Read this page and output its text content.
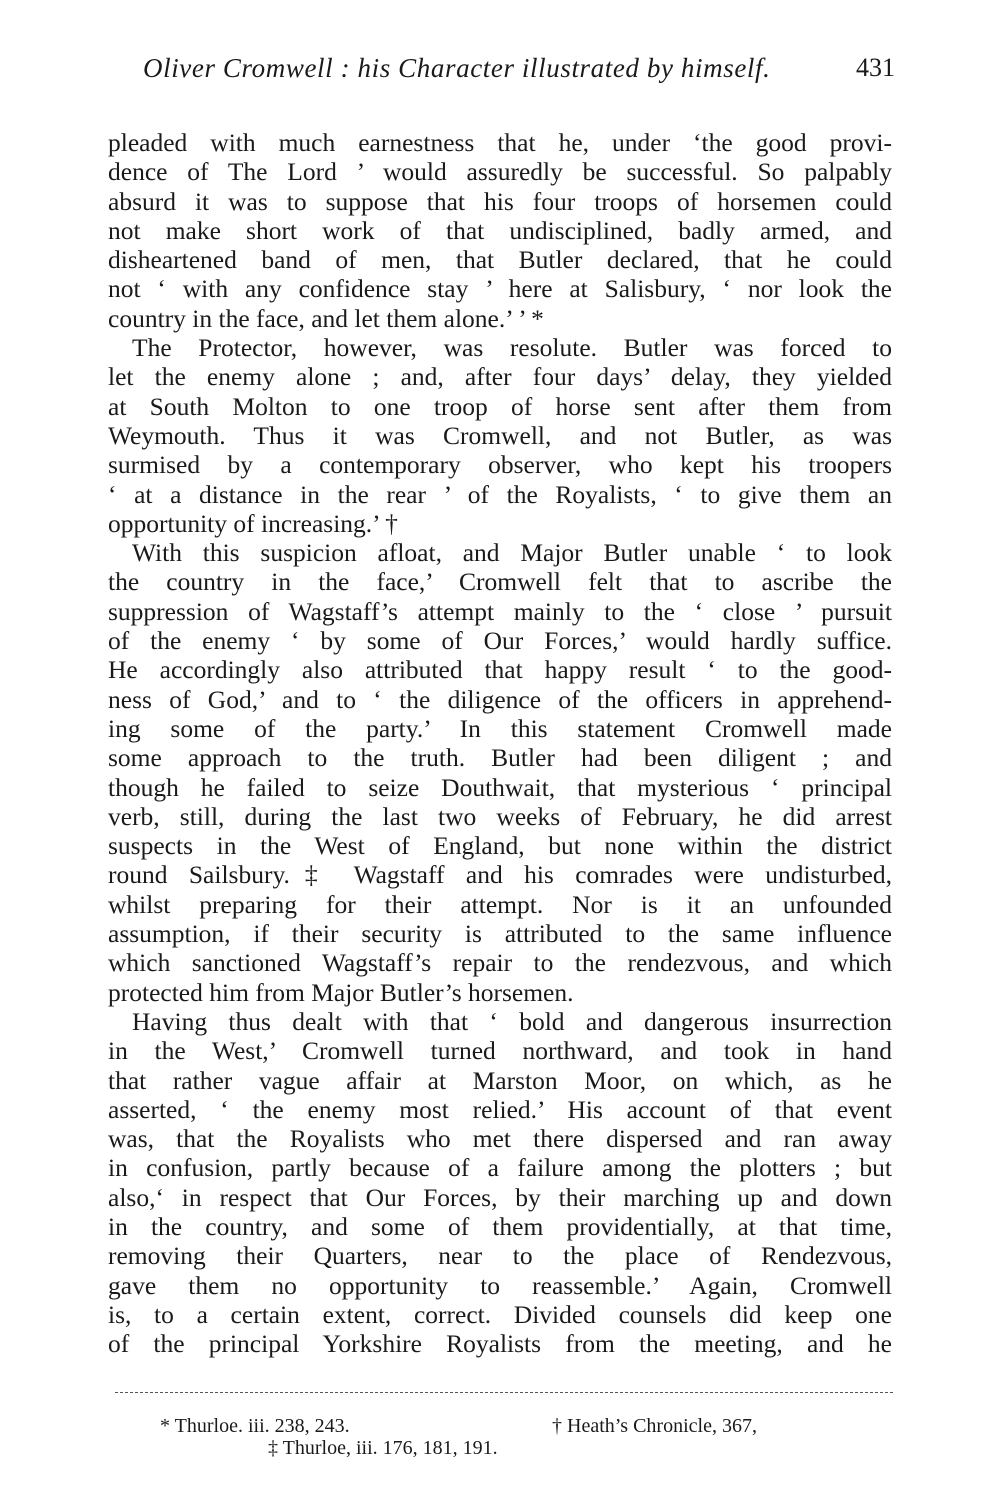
Oliver Cromwell : his Character illustrated by himself.	431
pleaded with much earnestness that he, under ‘the good provi-
dence of The Lord ’ would assuredly be successful. So palpably
absurd it was to suppose that his four troops of horsemen could
not make short work of that undisciplined, badly armed, and
disheartened band of men, that Butler declared, that he could
not ‘ with any confidence stay ’ here at Salisbury, ‘ nor look the
country in the face, and let them alone.’ ’ *
The Protector, however, was resolute. Butler was forced to
let the enemy alone ; and, after four days’ delay, they yielded
at South Molton to one troop of horse sent after them from
Weymouth. Thus it was Cromwell, and not Butler, as was
surmised by a contemporary observer, who kept his troopers
‘ at a distance in the rear ’ of the Royalists, ‘ to give them an
opportunity of increasing.’ †
With this suspicion afloat, and Major Butler unable ‘ to look
the country in the face,’ Cromwell felt that to ascribe the
suppression of Wagstaff’s attempt mainly to the ‘ close ’ pursuit
of the enemy ‘ by some of Our Forces,’ would hardly suffice.
He accordingly also attributed that happy result ‘ to the good-
ness of God,’ and to ‘ the diligence of the officers in apprehend-
ing some of the party.’ In this statement Cromwell made
some approach to the truth. Butler had been diligent ; and
though he failed to seize Douthwait, that mysterious ‘ principal
verb, still, during the last two weeks of February, he did arrest
suspects in the West of England, but none within the district
round Sailsbury.‡ Wagstaff and his comrades were undisturbed,
whilst preparing for their attempt. Nor is it an unfounded
assumption, if their security is attributed to the same influence
which sanctioned Wagstaff’s repair to the rendezvous, and which
protected him from Major Butler’s horsemen.
Having thus dealt with that ‘ bold and dangerous insurrection
in the West,’ Cromwell turned northward, and took in hand
that rather vague affair at Marston Moor, on which, as he
asserted, ‘ the enemy most relied.’ His account of that event
was, that the Royalists who met there dispersed and ran away
in confusion, partly because of a failure among the plotters ; but
also,‘ in respect that Our Forces, by their marching up and down
in the country, and some of them providentially, at that time,
removing their Quarters, near to the place of Rendezvous,
gave them no opportunity to reassemble.’ Again, Cromwell
is, to a certain extent, correct. Divided counsels did keep one
of the principal Yorkshire Royalists from the meeting, and he
* Thurloe. iii. 238, 243.	† Heath’s Chronicle, 367,
‡ Thurloe, iii. 176, 181, 191.
